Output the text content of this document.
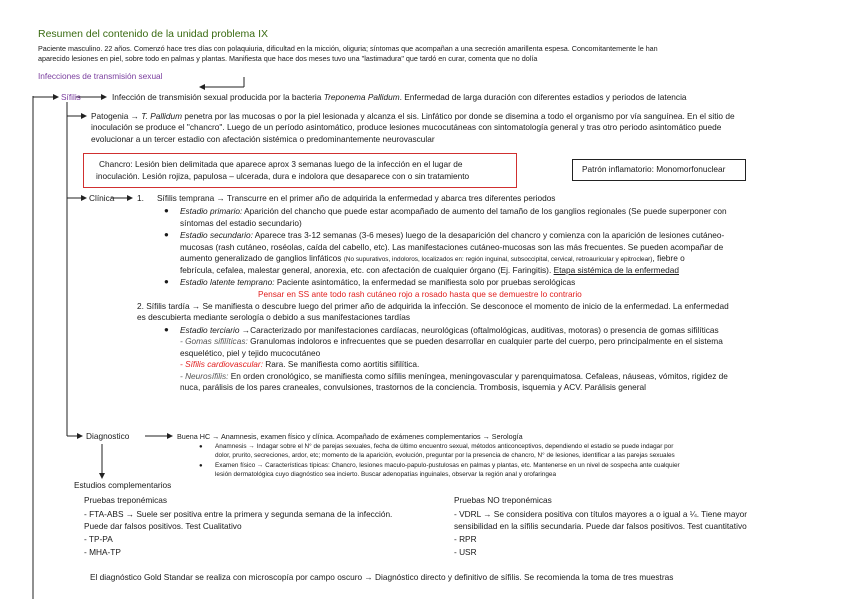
Resumen del contenido de la unidad problema IX
Paciente masculino. 22 años. Comenzó hace tres días con polaquiuria, dificultad en la micción, oliguria; síntomas que acompañan a una secreción amarillenta espesa. Concomitantemente le han
aparecido lesiones en piel, sobre todo en palmas y plantas. Manifiesta que hace dos meses tuvo una "lastimadura" que tardó en curar, comenta que no dolía
Infecciones de transmisión sexual
Sífilis	Infección de transmisión sexual producida por la bacteria Treponema Pallidum. Enfermedad de larga duración con diferentes estadios y periodos de latencia
Patogenia → T. Pallidum penetra por las mucosas o por la piel lesionada y alcanza el sis. Linfático por donde se disemina a todo el organismo por vía sanguínea. En el sitio de
inoculación se produce el "chancro". Luego de un período asintomático, produce lesiones mucocutáneas con sintomatología general y tras otro periodo asintomático puede
evolucionar a un tercer estadio con afectación sistémica o predominantemente neurovascular
Chancro: Lesión bien delimitada que aparece aprox 3 semanas luego de la infección en el lugar de
inoculación. Lesión rojiza, papulosa – ulcerada, dura e indolora que desaparece con o sin tratamiento
Patrón inflamatorio: Monomorfonuclear
Clínica	1. Sífilis temprana → Transcurre en el primer año de adquirida la enfermedad y abarca tres diferentes periodos
● Estadio primario: Aparición del chancho que puede estar acompañado de aumento del tamaño de los ganglios regionales (Se puede superponer con
síntomas del estadio secundario)
● Estadio secundario: Aparece tras 3-12 semanas (3-6 meses) luego de la desaparición del chancro y comienza con la aparición de lesiones cutáneo-
mucosas (rash cutáneo, roséolas, caída del cabello, etc). Las manifestaciones cutáneo-mucosas son las más frecuentes. Se pueden acompañar de
aumento generalizado de ganglios linfáticos (No supurativos, indoloros, localizados en: región inguinal, subsoccipital, cervical, retroauricular y epitroclear), fiebre o
febrícula, cefalea, malestar general, anorexia, etc. con afectación de cualquier órgano (Ej. Faringitis). Etapa sistémica de la enfermedad
● Estadio latente temprano: Paciente asintomático, la enfermedad se manifiesta solo por pruebas serológicas
Pensar en SS ante todo rash cutáneo rojo a rosado hasta que se demuestre lo contrario
2. Sífilis tardía → Se manifiesta o descubre luego del primer año de adquirida la infección. Se desconoce el momento de inicio de la enfermedad. La enfermedad
es descubierta mediante serología o debido a sus manifestaciones tardías
● Estadio terciario →Caracterizado por manifestaciones cardíacas, neurológicas (oftalmológicas, auditivas, motoras) o presencia de gomas sifilíticas
- Gomas sifilíticas: Granulomas indoloros e infrecuentes que se pueden desarrollar en cualquier parte del cuerpo, pero principalmente en el sistema
esquelético, piel y tejido mucocutáneo
- Sífilis cardiovascular: Rara. Se manifiesta como aortitis sifilítica.
- Neurosífilis: En orden cronológico, se manifiesta como sífilis meníngea, meningovascular y parenquimatosa. Cefaleas, náuseas, vómitos, rigidez de
nuca, parálisis de los pares craneales, convulsiones, trastornos de la conciencia. Trombosis, isquemia y ACV. Parálisis general
Diagnostico	Buena HC → Anamnesis, examen físico y clínica. Acompañado de exámenes complementarios → Serología
● Anamnesis → Indagar sobre el N° de parejas sexuales, fecha de último encuentro sexual, métodos anticonceptivos, dependiendo el estadio se puede indagar por
dolor, prurito, secreciones, ardor, etc; momento de la aparición, evolución, preguntar por la presencia de chancro, N° de lesiones, identificar a las parejas sexuales
● Examen físico → Características típicas: Chancro, lesiones maculo-papulo-pustulosas en palmas y plantas, etc. Mantenerse en un nivel de sospecha ante cualquier
lesión dermatológica cuyo diagnóstico sea incierto. Buscar adenopatías inguinales, observar la región anal y orofaringea
Estudios complementarios
Pruebas treponémicas
- FTA-ABS → Suele ser positiva entre la primera y segunda semana de la infección.
Puede dar falsos positivos. Test Cualitativo
- TP-PA
- MHA-TP
Pruebas NO treponémicas
- VDRL → Se considera positiva con títulos mayores a o igual a ¼. Tiene mayor
sensibilidad en la sífilis secundaria. Puede dar falsos positivos. Test cuantitativo
- RPR
- USR
El diagnóstico Gold Standar se realiza con microscopía por campo oscuro → Diagnóstico directo y definitivo de sífilis. Se recomienda la toma de tres muestras
